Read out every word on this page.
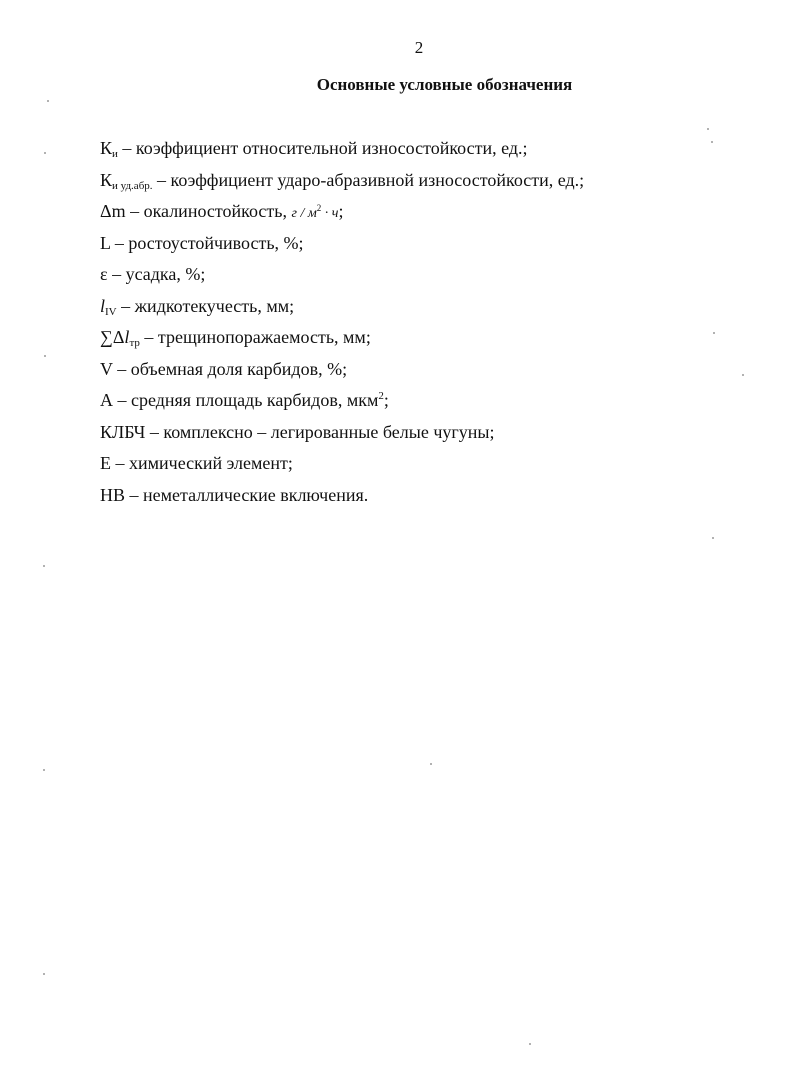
2
Основные условные обозначения
$К_и$ – коэффициент относительной износостойкости, ед.;
$К_{и уд.абр.}$ – коэффициент ударо-абразивной износостойкости, ед.;
Δm – окалиностойкость, $г / м^2 \cdot ч$;
L – ростоустойчивость, %;
ε – усадка, %;
$l_{IV}$ – жидкотекучесть, мм;
$\sum\Delta l_{тр}$ – трещинопоражаемость, мм;
V – объемная доля карбидов, %;
А – средняя площадь карбидов, мкм$^2$;
КЛБЧ – комплексно – легированные белые чугуны;
Е – химический элемент;
НВ – неметаллические включения.
